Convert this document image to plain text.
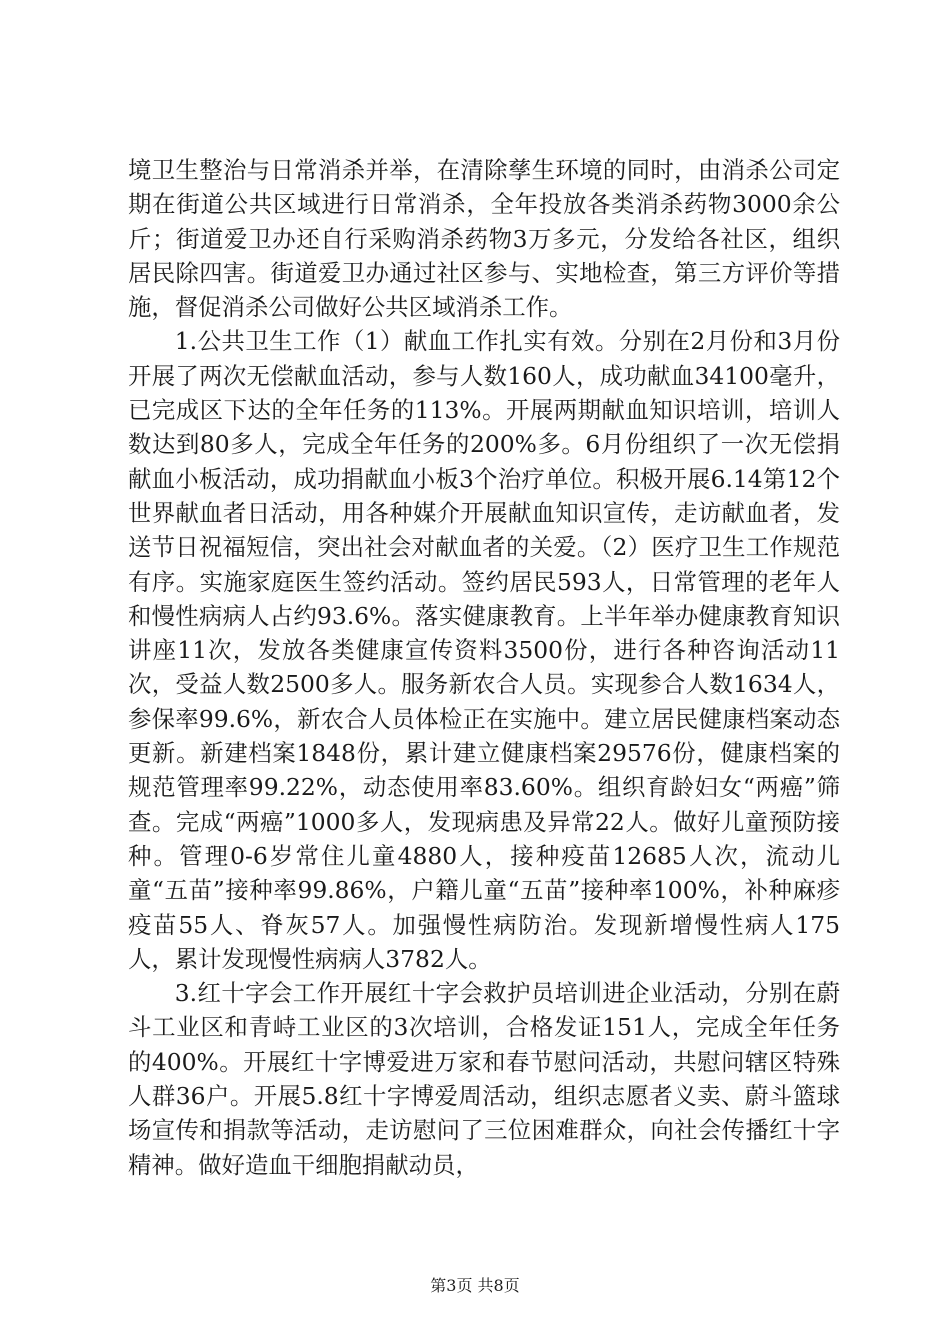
境卫生整治与日常消杀并举，在清除孳生环境的同时，由消杀公司定期在街道公共区域进行日常消杀，全年投放各类消杀药物3000余公斤；街道爱卫办还自行采购消杀药物3万多元，分发给各社区，组织居民除四害。街道爱卫办通过社区参与、实地检查，第三方评价等措施，督促消杀公司做好公共区域消杀工作。

1.公共卫生工作（1）献血工作扎实有效。分别在2月份和3月份开展了两次无偿献血活动，参与人数160人，成功献血34100毫升，已完成区下达的全年任务的113%。开展两期献血知识培训，培训人数达到80多人，完成全年任务的200%多。6月份组织了一次无偿捐献血小板活动，成功捐献血小板3个治疗单位。积极开展6.14第12个世界献血者日活动，用各种媒介开展献血知识宣传，走访献血者，发送节日祝福短信，突出社会对献血者的关爱。（2）医疗卫生工作规范有序。实施家庭医生签约活动。签约居民593人，日常管理的老年人和慢性病病人占约93.6%。落实健康教育。上半年举办健康教育知识讲座11次，发放各类健康宣传资料3500份，进行各种咨询活动11次，受益人数2500多人。服务新农合人员。实现参合人数1634人，参保率99.6%，新农合人员体检正在实施中。建立居民健康档案动态更新。新建档案1848份，累计建立健康档案29576份，健康档案的规范管理率99.22%，动态使用率83.60%。组织育龄妇女“两癌”筛查。完成“两癌”1000多人，发现病患及异常22人。做好儿童预防接种。管理0-6岁常住儿童4880人，接种疫苗12685人次，流动儿童“五苗”接种率99.86%，户籍儿童“五苗”接种率100%，补种麻疹疫苗55人、脊灰57人。加强慢性病防治。发现新增慢性病人175人，累计发现慢性病病人3782人。

3.红十字会工作开展红十字会救护员培训进企业活动，分别在蔚斗工业区和青峙工业区的3次培训，合格发证151人，完成全年任务的400%。开展红十字博爱进万家和春节慰问活动，共慰问辖区特殊人群36户。开展5.8红十字博爱周活动，组织志愿者义卖、蔚斗篮球场宣传和捐款等活动，走访慰问了三位困难群众，向社会传播红十字精神。做好造血干细胞捐献动员，

第3页 共8页
